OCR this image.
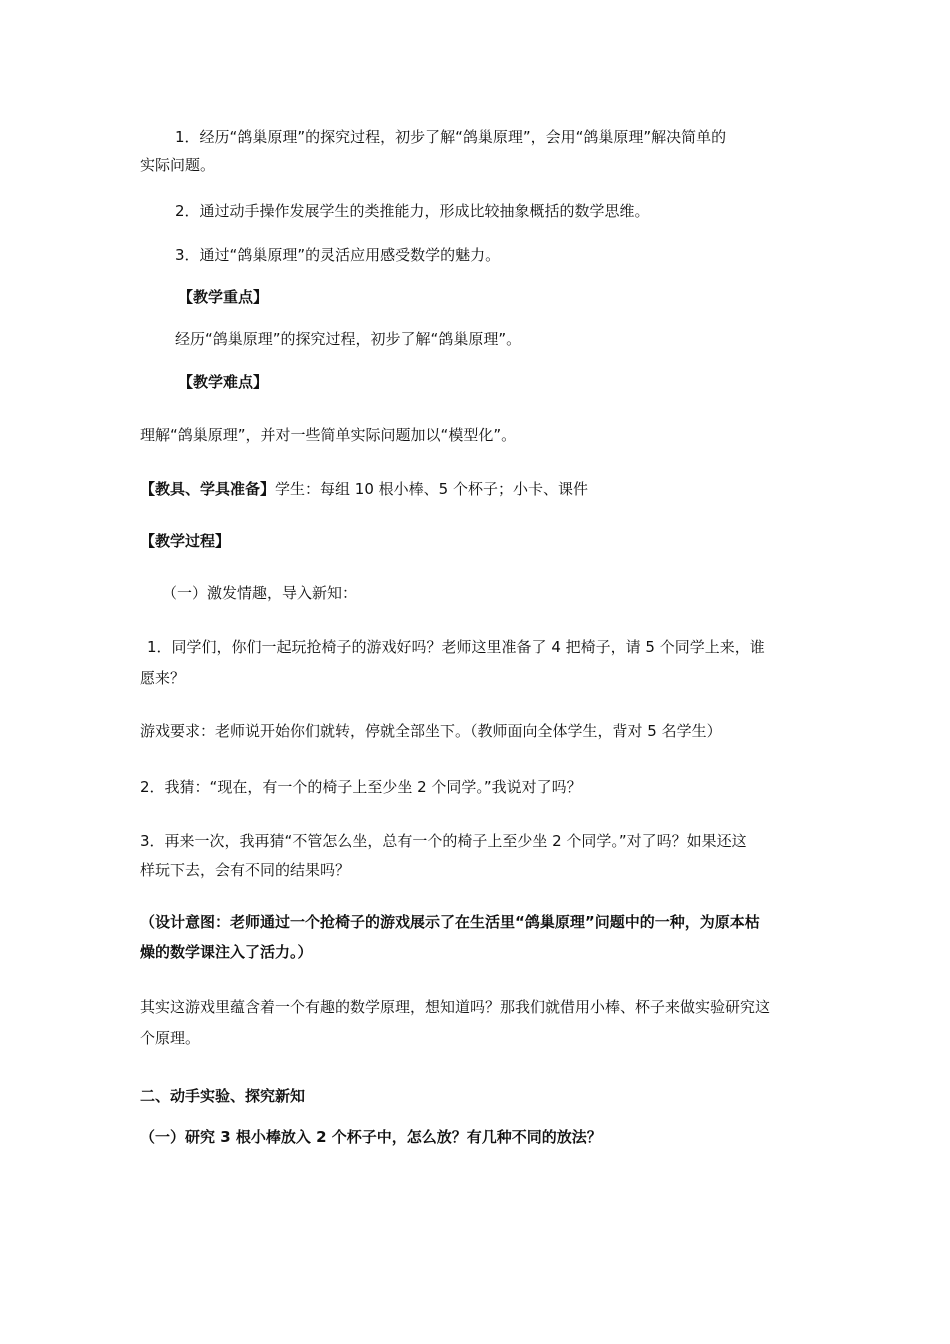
1．经历“鸽巢原理”的探究过程，初步了解“鸽巢原理”，会用“鸽巢原理”解决简单的
实际问题。
2．通过动手操作发展学生的类推能力，形成比较抽象概括的数学思维。
3．通过“鸽巢原理”的灵活应用感受数学的魅力。
【教学重点】
经历“鸽巢原理”的探究过程，初步了解“鸽巢原理”。
【教学难点】
理解“鸽巢原理”，并对一些简单实际问题加以“模型化”。
【教具、学具准备】学生：每组 10 根小棒、5 个杯子；小卡、课件
【教学过程】
（一）激发情趣，导入新知：
1．同学们，你们一起玩抢椅子的游戏好吗？老师这里准备了 4 把椅子，请 5 个同学上来，谁
愿来？
游戏要求：老师说开始你们就转，停就全部坐下。（教师面向全体学生，背对 5 名学生）
2．我猜：“现在，有一个的椅子上至少坐 2 个同学。”我说对了吗？
3．再来一次，我再猜“不管怎么坐，总有一个的椅子上至少坐 2 个同学。”对了吗？如果还这
样玩下去，会有不同的结果吗？
（设计意图：老师通过一个抢椅子的游戏展示了在生活里“鸽巢原理”问题中的一种，为原本枯
燥的数学课注入了活力。）
其实这游戏里蕴含着一个有趣的数学原理，想知道吗？那我们就借用小棒、杯子来做实验研究这
个原理。
二、动手实验、探究新知
（一）研究 3 根小棒放入 2 个杯子中，怎么放？有几种不同的放法？
